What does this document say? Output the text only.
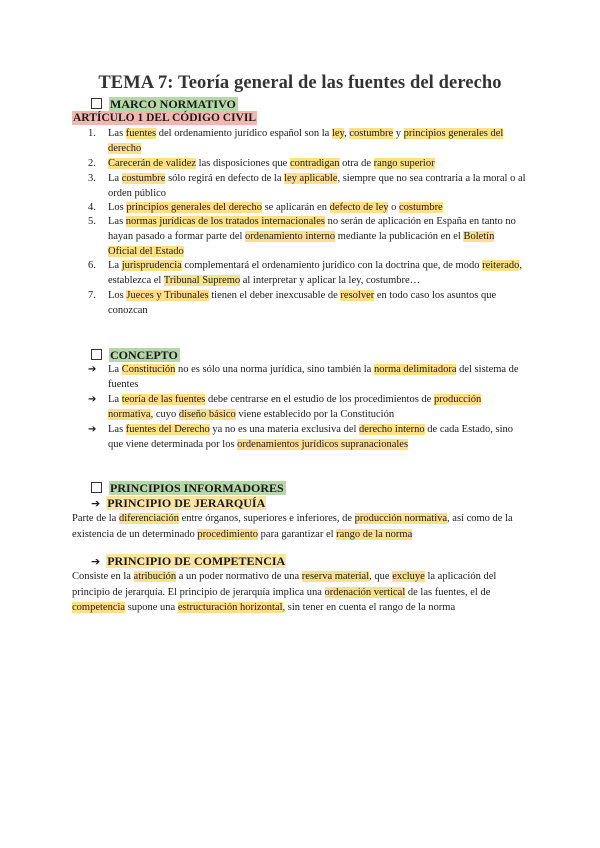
TEMA 7: Teoría general de las fuentes del derecho
MARCO NORMATIVO
ARTÍCULO 1 DEL CÓDIGO CIVIL
1. Las fuentes del ordenamiento jurídico español son la ley, costumbre y principios generales del derecho
2. Carecerán de validez las disposiciones que contradigan otra de rango superior
3. La costumbre sólo regirá en defecto de la ley aplicable, siempre que no sea contraria a la moral o al orden público
4. Los principios generales del derecho se aplicarán en defecto de ley o costumbre
5. Las normas jurídicas de los tratados internacionales no serán de aplicación en España en tanto no hayan pasado a formar parte del ordenamiento interno mediante la publicación en el Boletín Oficial del Estado
6. La jurisprudencia complementará el ordenamiento jurídico con la doctrina que, de modo reiterado, establezca el Tribunal Supremo al interpretar y aplicar la ley, costumbre…
7. Los Jueces y Tribunales tienen el deber inexcusable de resolver en todo caso los asuntos que conozcan
CONCEPTO
➔ La Constitución no es sólo una norma jurídica, sino también la norma delimitadora del sistema de fuentes
➔ La teoría de las fuentes debe centrarse en el estudio de los procedimientos de producción normativa, cuyo diseño básico viene establecido por la Constitución
➔ Las fuentes del Derecho ya no es una materia exclusiva del derecho interno de cada Estado, sino que viene determinada por los ordenamientos jurídicos supranacionales
PRINCIPIOS INFORMADORES
➔ PRINCIPIO DE JERARQUÍA
Parte de la diferenciación entre órganos, superiores e inferiores, de producción normativa, así como de la existencia de un determinado procedimiento para garantizar el rango de la norma
➔ PRINCIPIO DE COMPETENCIA
Consiste en la atribución a un poder normativo de una reserva material, que excluye la aplicación del principio de jerarquía. El principio de jerarquía implica una ordenación vertical de las fuentes, el de competencia supone una estructuración horizontal, sin tener en cuenta el rango de la norma
